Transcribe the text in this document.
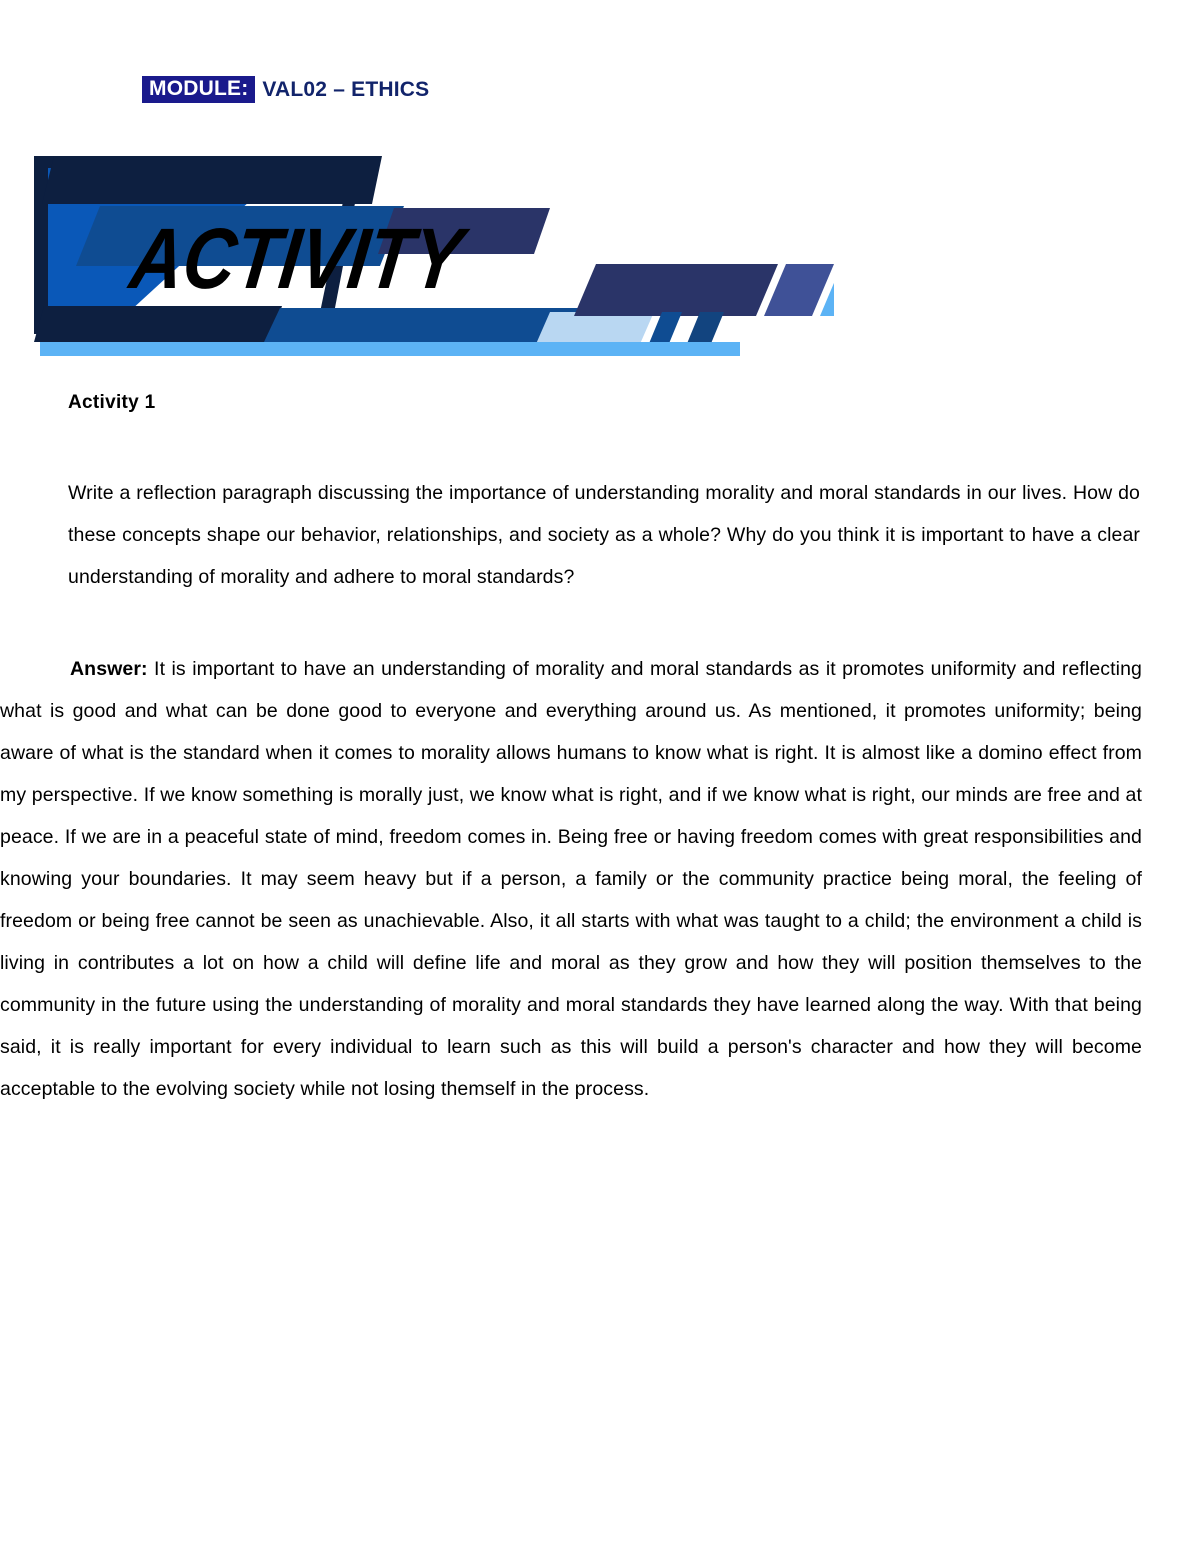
MODULE: VAL02 – ETHICS
ACTIVITY
Activity 1
Write a reflection paragraph discussing the importance of understanding morality and moral standards in our lives. How do these concepts shape our behavior, relationships, and society as a whole? Why do you think it is important to have a clear understanding of morality and adhere to moral standards?
Answer: It is important to have an understanding of morality and moral standards as it promotes uniformity and reflecting what is good and what can be done good to everyone and everything around us. As mentioned, it promotes uniformity; being aware of what is the standard when it comes to morality allows humans to know what is right. It is almost like a domino effect from my perspective. If we know something is morally just, we know what is right, and if we know what is right, our minds are free and at peace. If we are in a peaceful state of mind, freedom comes in. Being free or having freedom comes with great responsibilities and knowing your boundaries. It may seem heavy but if a person, a family or the community practice being moral, the feeling of freedom or being free cannot be seen as unachievable. Also, it all starts with what was taught to a child; the environment a child is living in contributes a lot on how a child will define life and moral as they grow and how they will position themselves to the community in the future using the understanding of morality and moral standards they have learned along the way. With that being said, it is really important for every individual to learn such as this will build a person's character and how they will become acceptable to the evolving society while not losing themself in the process.
